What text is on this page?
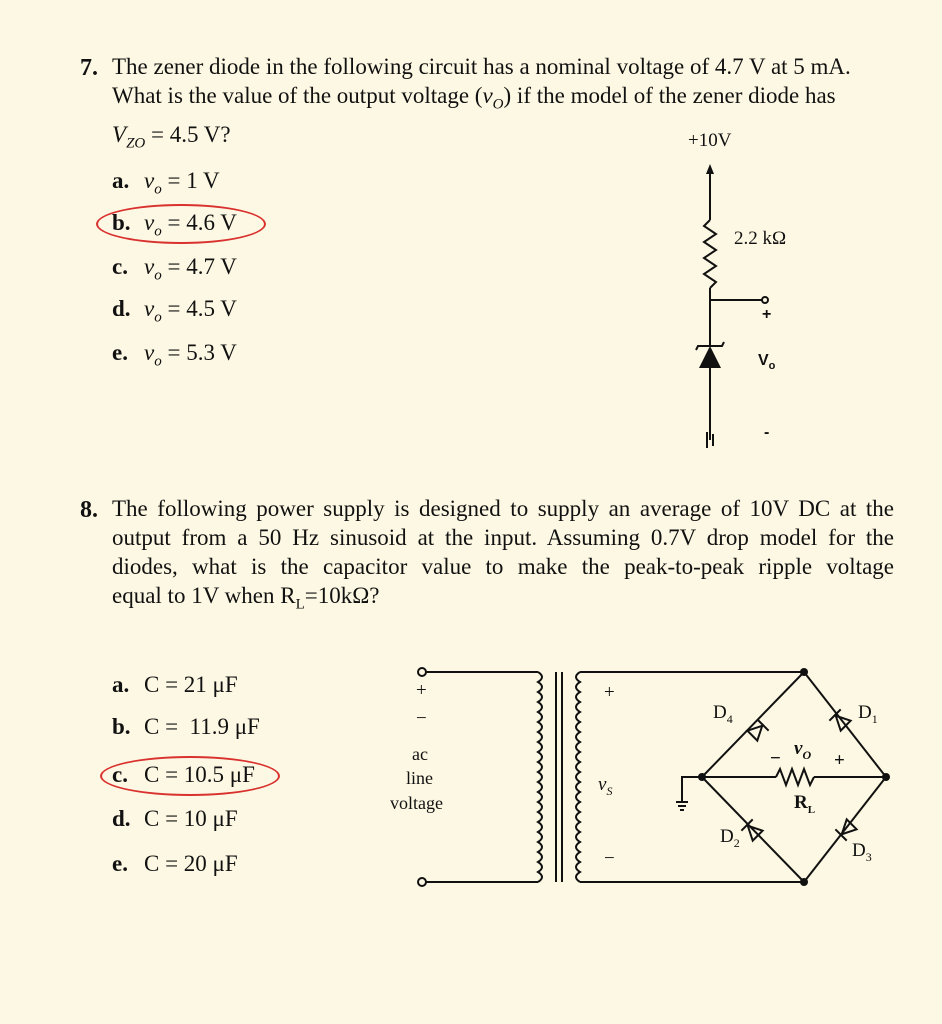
7. The zener diode in the following circuit has a nominal voltage of 4.7 V at 5 mA.
What is the value of the output voltage $(v_O)$ if the model of the zener diode has
$V_{ZO} = 4.5$ V?
a. $v_o = 1$ V
b. $v_o = 4.6$ V
c. $v_o = 4.7$ V
d. $v_o = 4.5$ V
e. $v_o = 5.3$ V
+10V
2.2 kΩ
+
$V_o$
-
8. The following power supply is designed to supply an average of 10V DC at the
output from a 50 Hz sinusoid at the input. Assuming 0.7V drop model for the
diodes, what is the capacitor value to make the peak-to-peak ripple voltage
equal to 1V when $R_L=10k\Omega$?
a. C = 21 μF
b. C =  11.9 μF
c. C = 10.5 μF
d. C = 10 μF
e. C = 20 μF
+
−
ac
line
voltage
+
$v_S$
−
$D_4$	$D_1$
$D_2$	$D_3$
− $v_O$ +
$R_L$
